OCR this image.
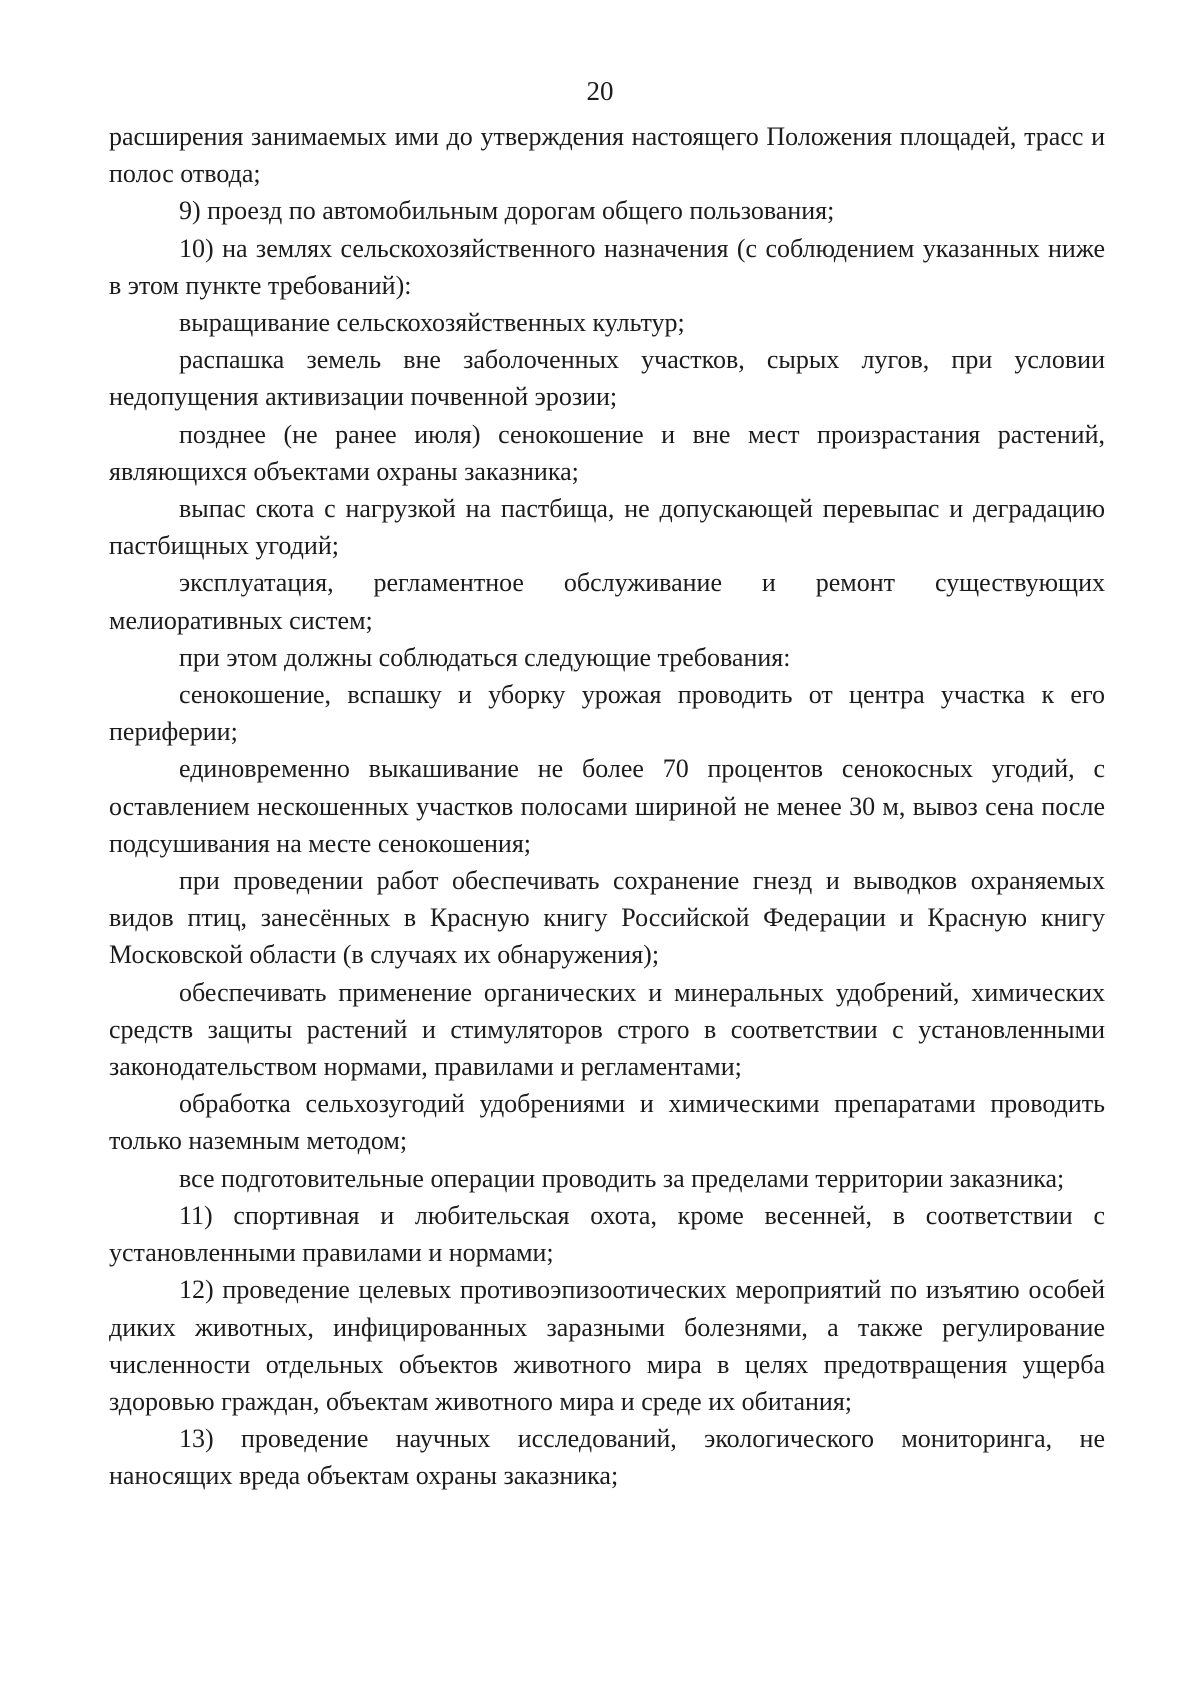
20

расширения занимаемых ими до утверждения настоящего Положения площадей, трасс и полос отвода;

9) проезд по автомобильным дорогам общего пользования;

10) на землях сельскохозяйственного назначения (с соблюдением указанных ниже в этом пункте требований):

выращивание сельскохозяйственных культур;

распашка земель вне заболоченных участков, сырых лугов, при условии недопущения активизации почвенной эрозии;

позднее (не ранее июля) сенокошение и вне мест произрастания растений, являющихся объектами охраны заказника;

выпас скота с нагрузкой на пастбища, не допускающей перевыпас и деградацию пастбищных угодий;

эксплуатация, регламентное обслуживание и ремонт существующих мелиоративных систем;

при этом должны соблюдаться следующие требования:

сенокошение, вспашку и уборку урожая проводить от центра участка к его периферии;

единовременно выкашивание не более 70 процентов сенокосных угодий, с оставлением нескошенных участков полосами шириной не менее 30 м, вывоз сена после подсушивания на месте сенокошения;

при проведении работ обеспечивать сохранение гнезд и выводков охраняемых видов птиц, занесённых в Красную книгу Российской Федерации и Красную книгу Московской области (в случаях их обнаружения);

обеспечивать применение органических и минеральных удобрений, химических средств защиты растений и стимуляторов строго в соответствии с установленными законодательством нормами, правилами и регламентами;

обработка сельхозугодий удобрениями и химическими препаратами проводить только наземным методом;

все подготовительные операции проводить за пределами территории заказника;

11) спортивная и любительская охота, кроме весенней, в соответствии с установленными правилами и нормами;

12) проведение целевых противоэпизоотических мероприятий по изъятию особей диких животных, инфицированных заразными болезнями, а также регулирование численности отдельных объектов животного мира в целях предотвращения ущерба здоровью граждан, объектам животного мира и среде их обитания;

13) проведение научных исследований, экологического мониторинга, не наносящих вреда объектам охраны заказника;
